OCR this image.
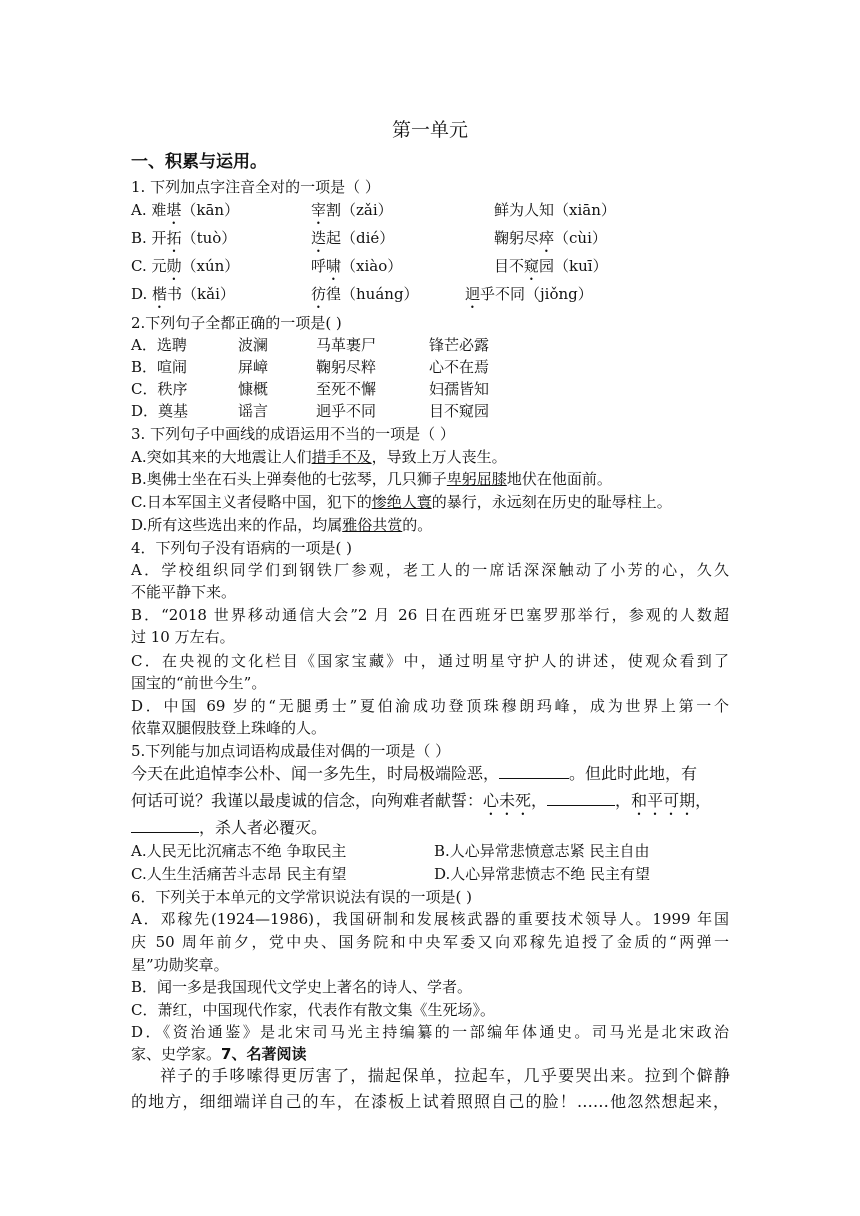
第一单元
一、积累与运用。
1. 下列加点字注音全对的一项是（ ）
A. 难堪（kān）	宰割（zǎi）	鲜为人知（xiān）
B. 开拓（tuò）	迭起（dié）	鞠躬尽瘁（cùi）
C. 元勋（xún）	呼啸（xiào）	目不窥园（kuī）
D. 楷书（kǎi）	彷徨（huáng）	迥乎不同（jiǒng）
2.下列句子全都正确的一项是( )
A．选聘	波澜	马革裹尸	锋芒必露
B．喧闹	屏嶂	鞠躬尽粹	心不在焉
C．秩序	慷概	至死不懈	妇孺皆知
D．奠基	谣言	迥乎不同	目不窥园
3. 下列句子中画线的成语运用不当的一项是（ ）
A.突如其来的大地震让人们措手不及，导致上万人丧生。
B.奥佛士坐在石头上弹奏他的七弦琴，几只狮子卑躬屈膝地伏在他面前。
C.日本军国主义者侵略中国，犯下的惨绝人寰的暴行，永远刻在历史的耻辱柱上。
D.所有这些选出来的作品，均属雅俗共赏的。
4．下列句子没有语病的一项是( )
A．学校组织同学们到钢铁厂参观，老工人的一席话深深触动了小芳的心，久久
不能平静下来。
B．“2018 世界移动通信大会”2 月 26 日在西班牙巴塞罗那举行，参观的人数超
过 10 万左右。
C．在央视的文化栏目《国家宝藏》中，通过明星守护人的讲述，使观众看到了
国宝的“前世今生”。
D．中国 69 岁的“无腿勇士”夏伯渝成功登顶珠穆朗玛峰，成为世界上第一个
依靠双腿假肢登上珠峰的人。
5.下列能与加点词语构成最佳对偶的一项是（ ）
今天在此追悼李公朴、闻一多先生，时局极端险恶，	。但此时此地，有
何话可说？我谨以最虔诚的信念，向殉难者献誓：心未死，	，和平可期，
，杀人者必覆灭。
A.人民无比沉痛志不绝 争取民主	B.人心异常悲愤意志紧 民主自由
C.人生生活痛苦斗志昂 民主有望	D.人心异常悲愤志不绝 民主有望
6．下列关于本单元的文学常识说法有误的一项是( )
A．邓稼先(1924—1986)，我国研制和发展核武器的重要技术领导人。1999 年国
庆 50 周年前夕，党中央、国务院和中央军委又向邓稼先追授了金质的“两弹一
星”功勋奖章。
B．闻一多是我国现代文学史上著名的诗人、学者。
C．萧红，中国现代作家，代表作有散文集《生死场》。
D．《资治通鉴》是北宋司马光主持编纂的一部编年体通史。司马光是北宋政治
家、史学家。7、名著阅读
祥子的手哆嗦得更厉害了，揣起保单，拉起车，几乎要哭出来。拉到个僻静
的地方，细细端详自己的车，在漆板上试着照照自己的脸！……他忽然想起来，
